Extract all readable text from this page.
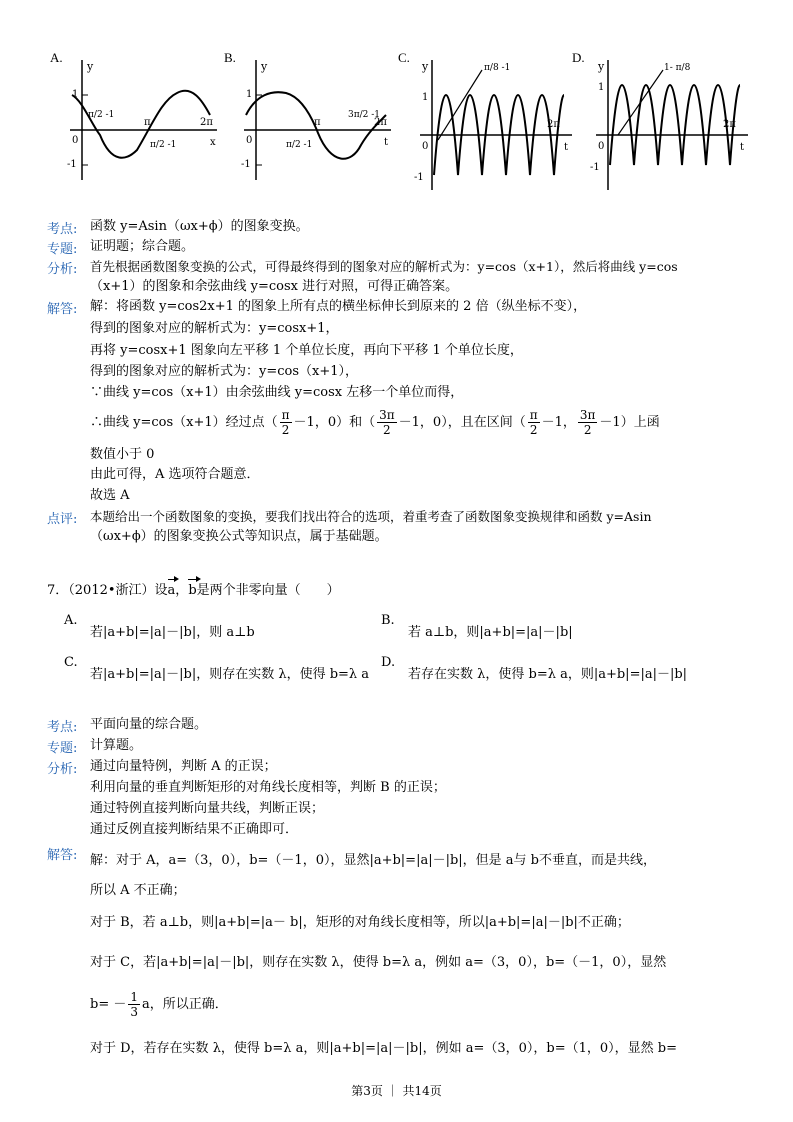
A.
y
1
-1
0
π	2π
x
π/2 -1
π/2 -1
B.
y
1
-1
0
π	2π
t
π/2 -1
3π/2 -1
C.
y
1
-1
0
2π
t
π/8 -1
D.
y
1
-1
0
2π
t
1- π/8
考点: 函数 y=Asin（ωx+ϕ）的图象变换。
专题: 证明题；综合题。
分析: 首先根据函数图象变换的公式，可得最终得到的图象对应的解析式为：y=cos（x+1），然后将曲线 y=cos
（x+1）的图象和余弦曲线 y=cosx 进行对照，可得正确答案。
解答: 解：将函数 y=cos2x+1 的图象上所有点的横坐标伸长到原来的 2 倍（纵坐标不变），
得到的图象对应的解析式为：y=cosx+1，
再将 y=cosx+1 图象向左平移 1 个单位长度，再向下平移 1 个单位长度，
得到的图象对应的解析式为：y=cos（x+1），
∵曲线 y=cos（x+1）由余弦曲线 y=cosx 左移一个单位而得，
∴曲线 y=cos（x+1）经过点（ $\frac{\pi}{2} -1$，0）和（ $\frac{3\pi}{2} -1$，0），且在区间（ $\frac{\pi}{2} -1$， $\frac{3\pi}{2} -1$）上函
数值小于 0
由此可得，A 选项符合题意．
故选 A
点评: 本题给出一个函数图象的变换，要我们找出符合的选项，着重考查了函数图象变换规律和函数 y=Asin
（ωx+ϕ）的图象变换公式等知识点，属于基础题。
7．（2012•浙江）设a，b是两个非零向量（　　）
A.
若|a+b|=|a|－|b|，则 a⊥b
B.
若 a⊥b，则|a+b|=|a|－|b|
C.
若|a+b|=|a|－|b|，则存在实数 λ，使得 b=λ a
D.
若存在实数 λ，使得 b=λ a，则|a+b|=|a|－|b|
考点: 平面向量的综合题。
专题: 计算题。
分析: 通过向量特例，判断 A 的正误；
利用向量的垂直判断矩形的对角线长度相等，判断 B 的正误；
通过特例直接判断向量共线，判断正误；
通过反例直接判断结果不正确即可．
解答: 解：对于 A，a=（3，0），b=（－1，0），显然|a+b|=|a|－|b|，但是 a与 b不垂直，而是共线，
所以 A 不正确；
对于 B，若 a⊥b，则|a+b|=|a－ b|，矩形的对角线长度相等，所以|a+b|=|a|－|b|不正确；
对于 C，若|a+b|=|a|－|b|，则存在实数 λ，使得 b=λ a，例如 a=（3，0），b=（－1，0），显然
$b= - \frac{1}{3}$ a，所以正确．
对于 D，若存在实数 λ，使得 b=λ a，则|a+b|=|a|－|b|，例如 a=（3，0），b=（1，0），显然 b=
第3页 ｜ 共14页
